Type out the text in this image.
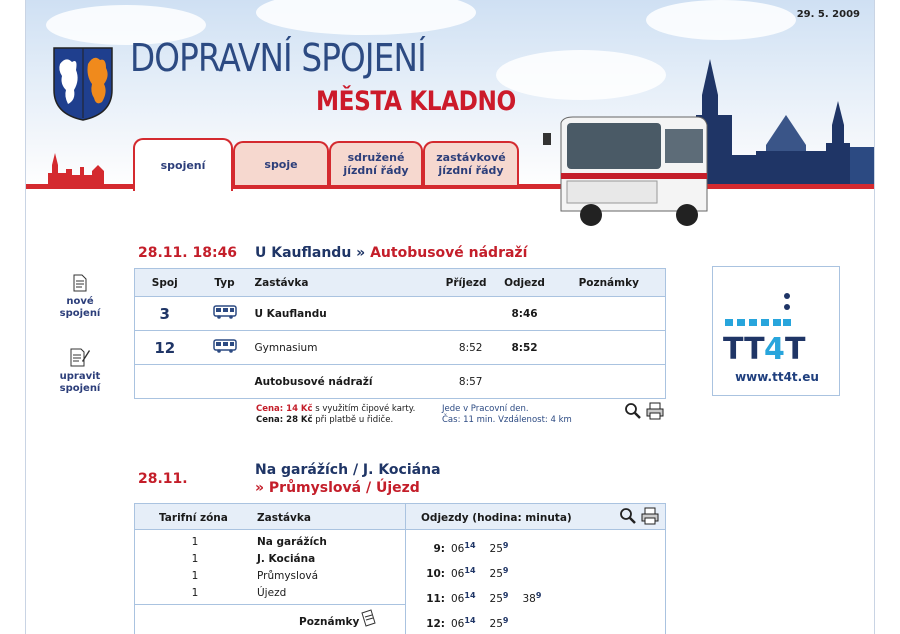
29. 5. 2009
DOPRAVNÍ SPOJENÍ
MĚSTA KLADNO
spojení	spoje	sdružené jízdní řády
zastávkové jízdní řády
nové spojení
upravit spojení
TT 4 T
www.tt4t.eu
28.11. 18:46 U Kauflandu » Autobusové nádraží
Spoj	Typ	Zastávka	Příjezd	Odjezd	Poznámky
3		U Kauflandu		8:46	
12		Gymnasium	8:52	8:52	
		Autobusové nádraží	8:57		
Cena: 14 Kč s využitím čipové karty.
Cena: 28 Kč při platbě u řidiče.
Jede v Pracovní den.
Čas: 11 min. Vzdálenost: 4 km

28.11.
Na garážích / J. Kociána
» Průmyslová / Újezd
Tarifní zóna	Zastávka	Odjezdy (hodina: minuta)

1	Na garážích
1	J. Kociána
1	Průmyslová
1	Újezd
Poznámky
9: $06^{14}$ $25^9$
10: $06^{14}$ $25^9$
11: $06^{14}$ $25^9$ $38^9$
12: $06^{14}$ $25^9$
